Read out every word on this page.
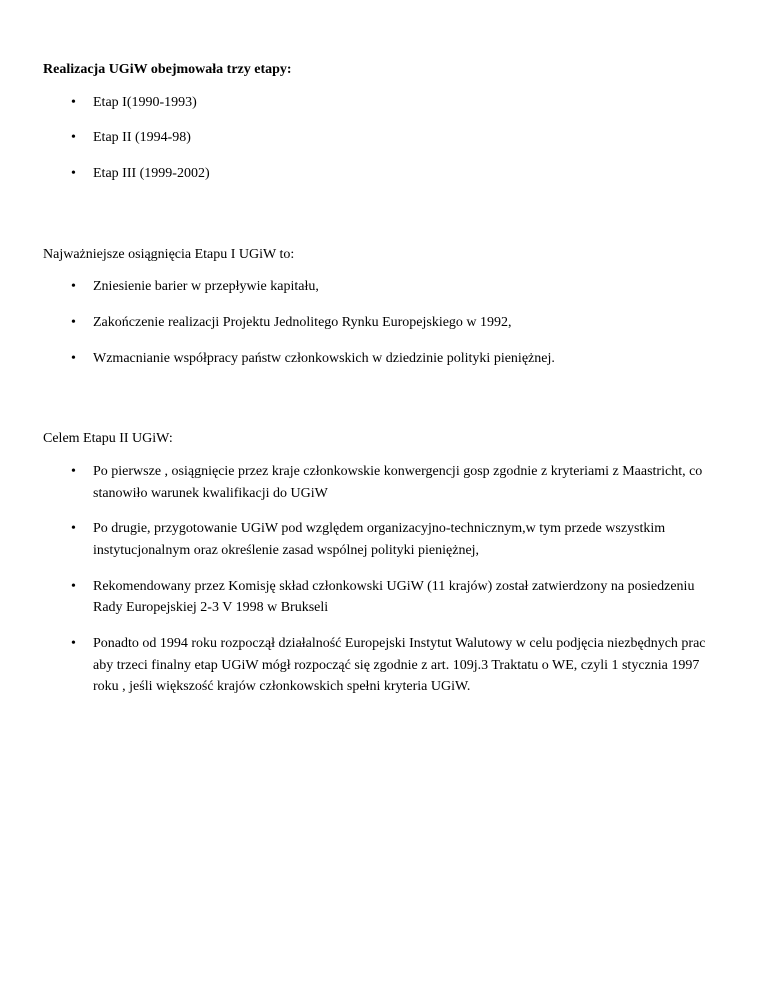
Realizacja UGiW obejmowała trzy etapy:

• Etap I(1990-1993)
• Etap II (1994-98)
• Etap III (1999-2002)

Najważniejsze osiągnięcia Etapu I UGiW to:

• Zniesienie barier w przepływie kapitału,
• Zakończenie realizacji Projektu Jednolitego Rynku Europejskiego w 1992,
• Wzmacnianie współpracy państw członkowskich w dziedzinie polityki pieniężnej.

Celem Etapu II UGiW:

• Po pierwsze , osiągnięcie przez kraje członkowskie konwergencji gosp zgodnie z kryteriami z Maastricht, co stanowiło warunek kwalifikacji do UGiW
• Po drugie, przygotowanie UGiW pod względem organizacyjno-technicznym,w tym przede wszystkim instytucjonalnym oraz określenie zasad wspólnej polityki pieniężnej,
• Rekomendowany przez Komisję skład członkowski UGiW (11 krajów) został zatwierdzony na posiedzeniu Rady Europejskiej 2-3 V 1998 w Brukseli
• Ponadto od 1994 roku rozpoczął działalność Europejski Instytut Walutowy w celu podjęcia niezbędnych prac aby trzeci finalny etap UGiW mógł rozpocząć się zgodnie z art. 109j.3 Traktatu o WE, czyli 1 stycznia 1997 roku , jeśli większość krajów członkowskich spełni kryteria UGiW.
